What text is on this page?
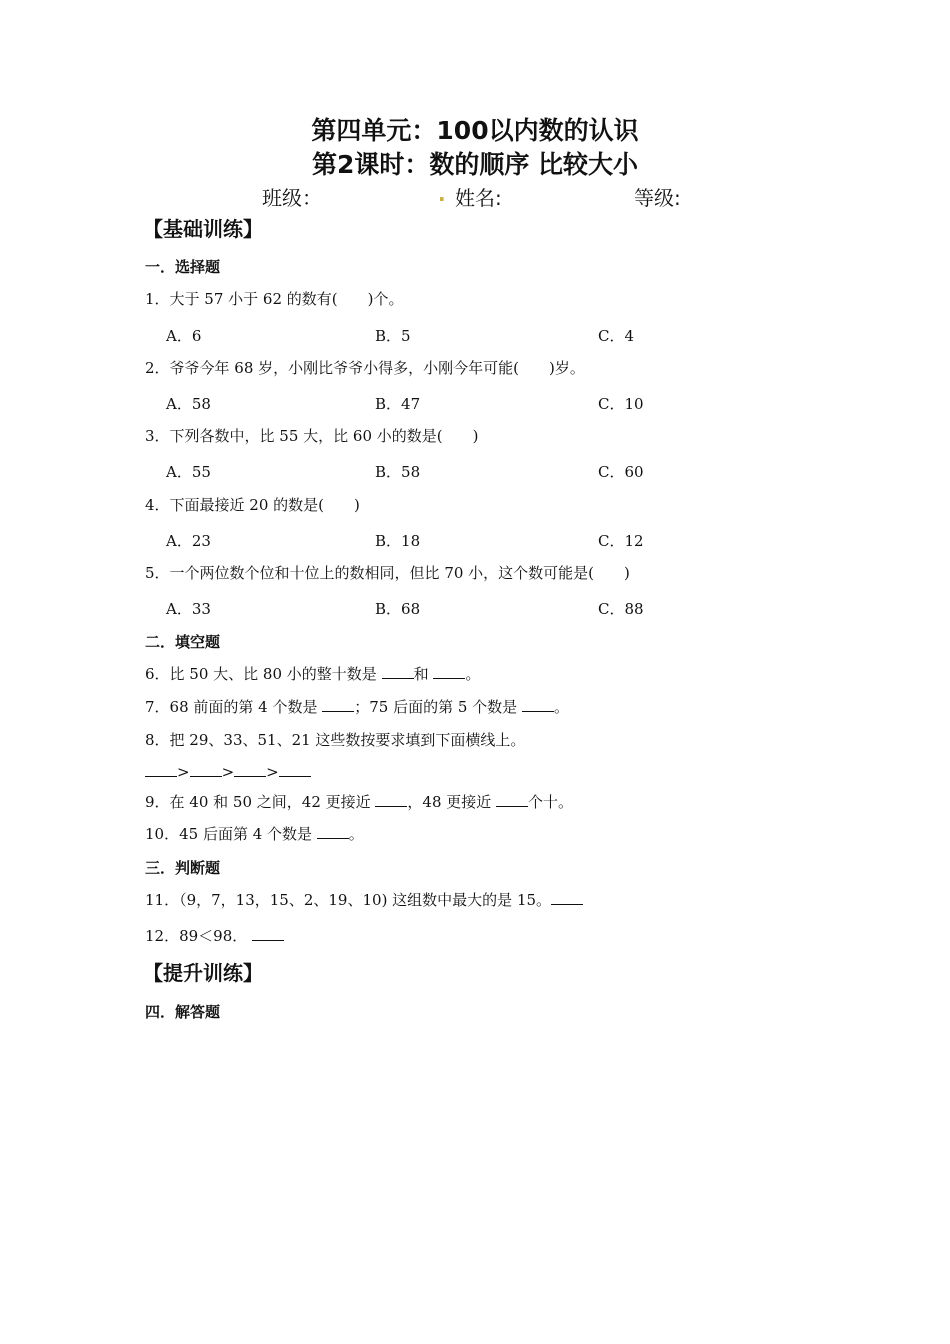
第四单元：100以内数的认识
第2课时：数的顺序 比较大小
班级：	. 姓名:	等级:
【基础训练】
一．选择题
1．大于 57 小于 62 的数有(　　)个。
A．6	B．5	C．4
2．爷爷今年 68 岁，小刚比爷爷小得多，小刚今年可能(　　)岁。
A．58	B．47	C．10
3．下列各数中，比 55 大，比 60 小的数是(　　)
A．55	B．58	C．60
4．下面最接近 20 的数是(　　)
A．23	B．18	C．12
5．一个两位数个位和十位上的数相同，但比 70 小，这个数可能是(　　)
A．33	B．68	C．88
二．填空题
6．比 50 大、比 80 小的整十数是 和 。
7．68 前面的第 4 个数是 ；75 后面的第 5 个数是 。
8．把 29、33、51、21 这些数按要求填到下面横线上。
> > >
9．在 40 和 50 之间，42 更接近 ，48 更接近 个十。
10．45 后面第 4 个数是 。
三．判断题
11．（9，7，13，15、2、19、10) 这组数中最大的是 15。
12．89＜98．
【提升训练】
四．解答题
